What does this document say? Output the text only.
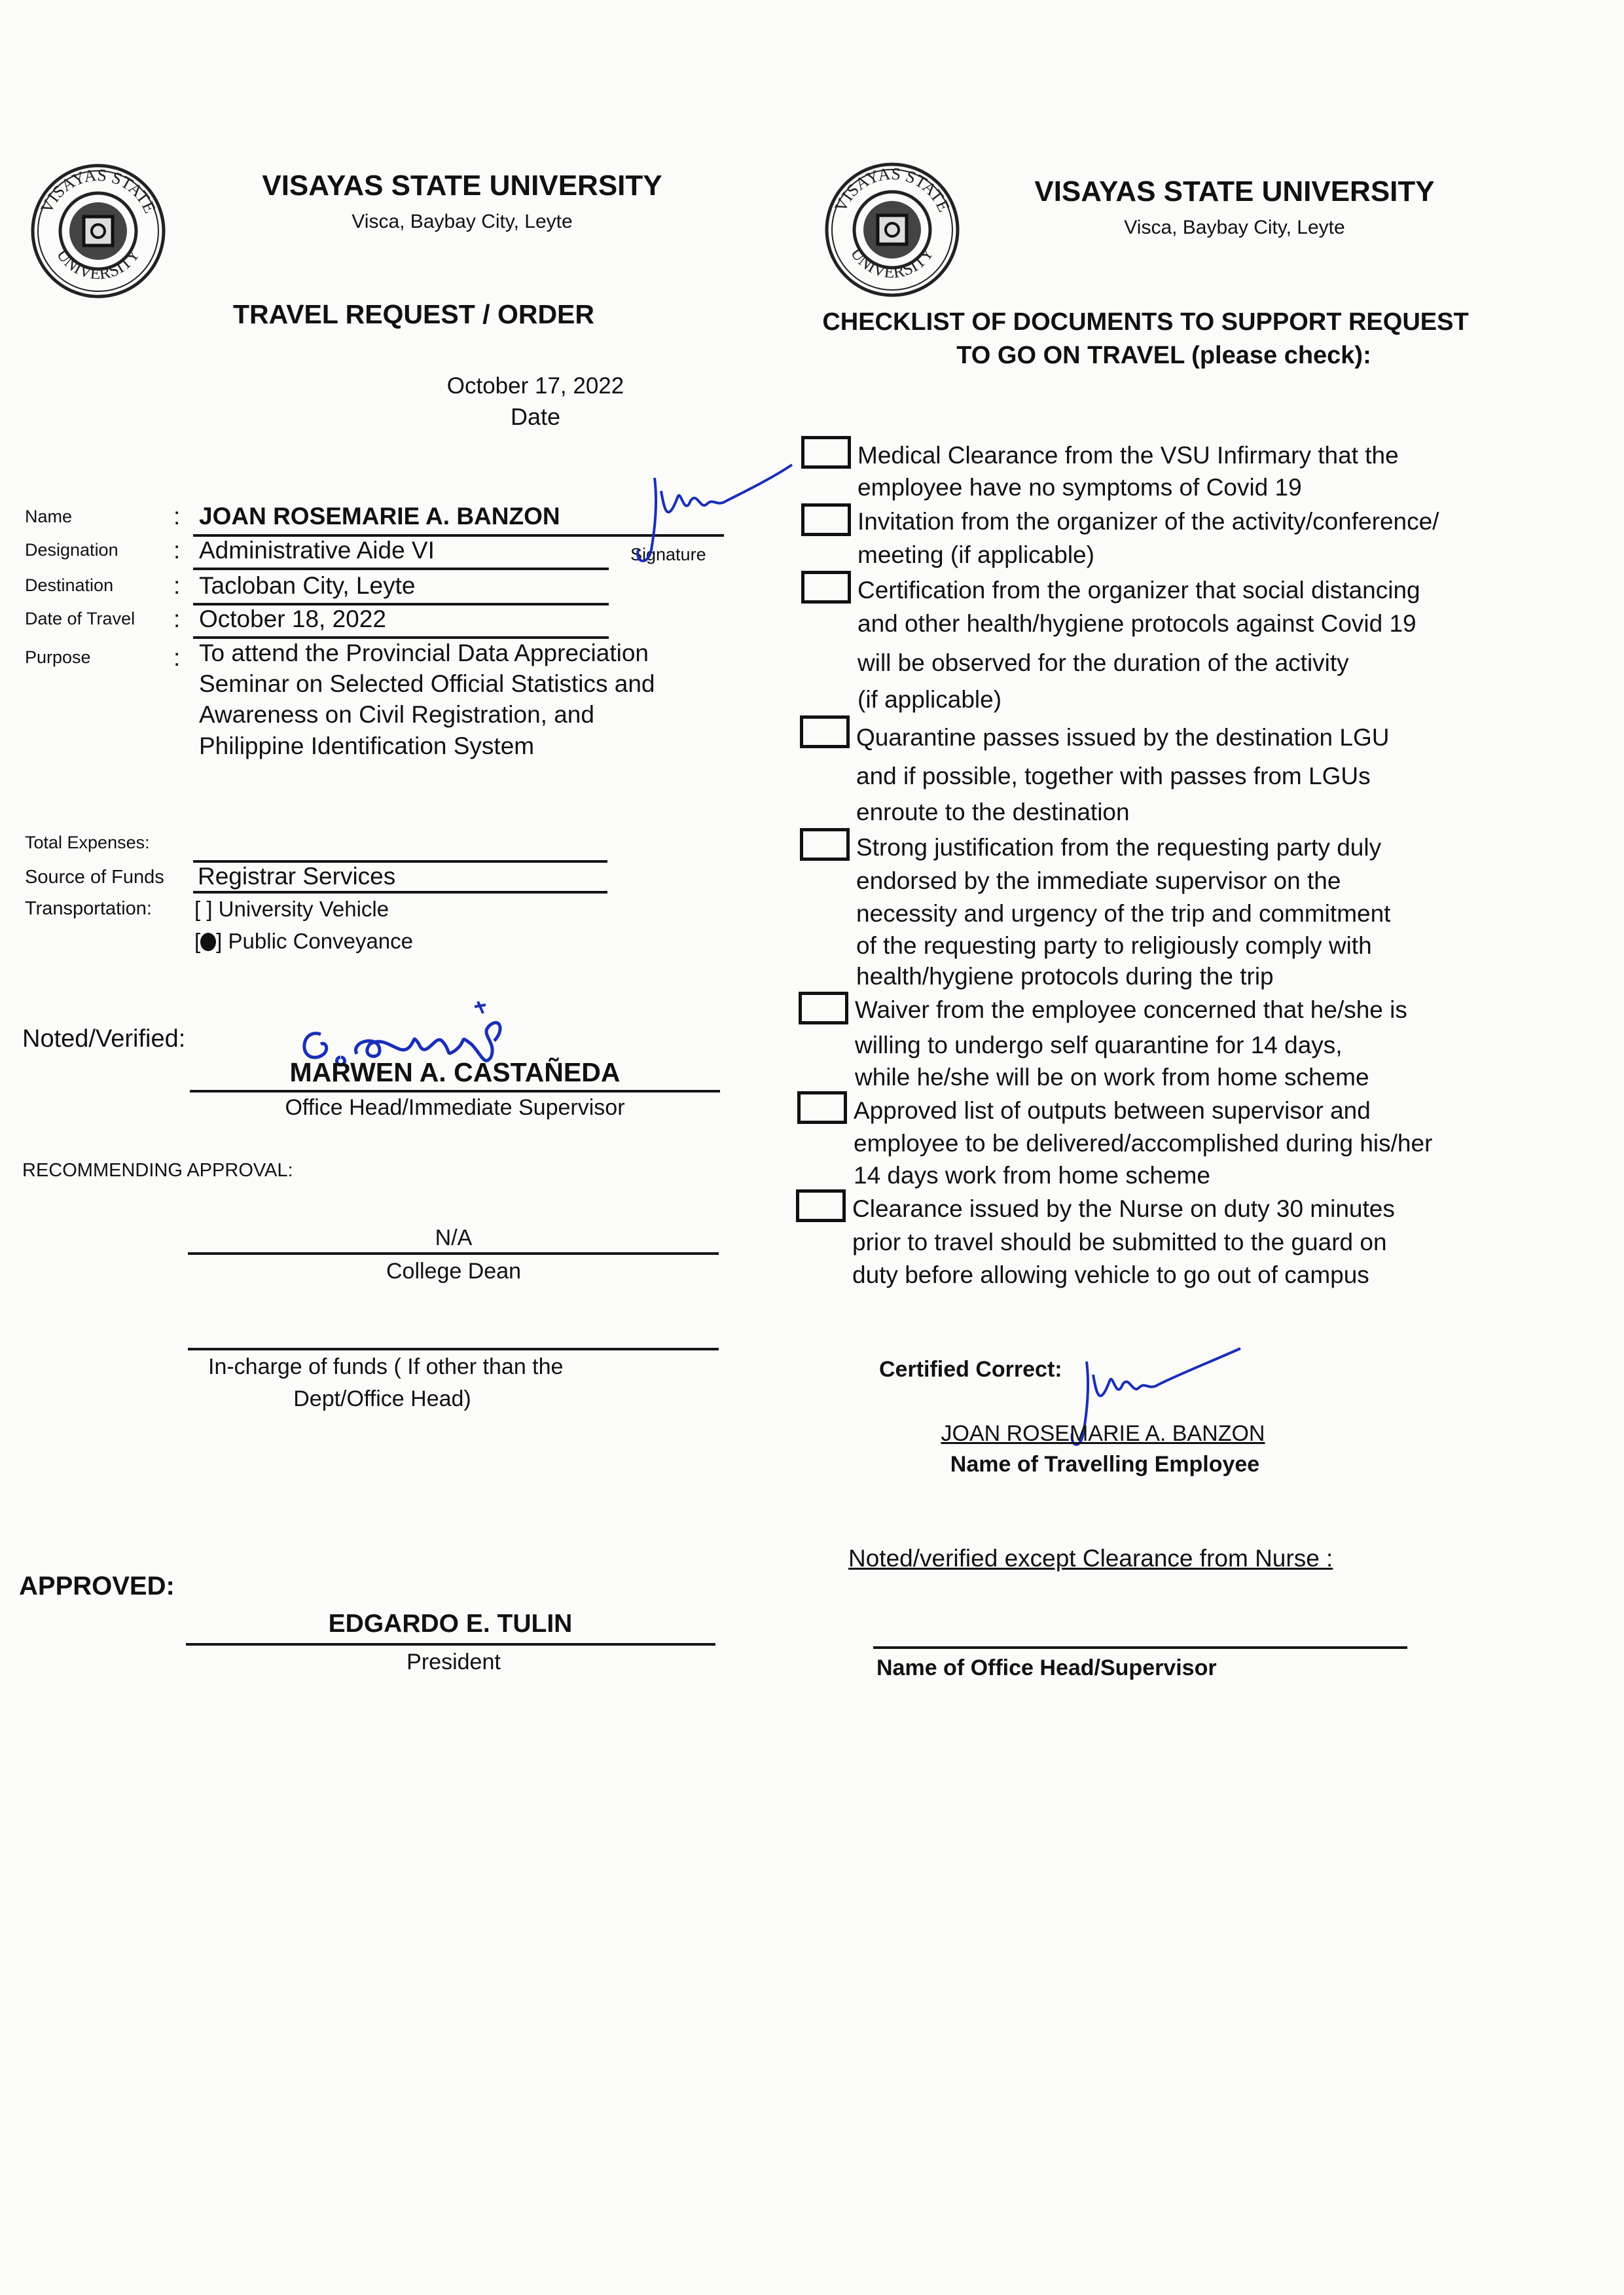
VISAYAS STATE
UNIVERSITY
VISAYAS STATE UNIVERSITY
Visca, Baybay City, Leyte
TRAVEL REQUEST / ORDER
October 17, 2022
Date
Name	: JOAN ROSEMARIE A. BANZON
Signature
Designation : Administrative Aide VI
Destination : Tacloban City, Leyte
Date of Travel : October 18, 2022
Purpose	: To attend the Provincial Data Appreciation
Seminar on Selected Official Statistics and
Awareness on Civil Registration, and
Philippine Identification System
Total Expenses:
Source of Funds Registrar Services
Transportation: [ ] University Vehicle
[ ] Public Conveyance
Noted/Verified:
MARWEN A. CASTAÑEDA
Office Head/Immediate Supervisor
RECOMMENDING APPROVAL:
N/A
College Dean
In-charge of funds ( If other than the
Dept/Office Head)
APPROVED:
EDGARDO E. TULIN
President
VISAYAS STATE
UNIVERSITY
VISAYAS STATE UNIVERSITY
Visca, Baybay City, Leyte
CHECKLIST OF DOCUMENTS TO SUPPORT REQUEST
TO GO ON TRAVEL (please check):
Medical Clearance from the VSU Infirmary that the
employee have no symptoms of Covid 19
Invitation from the organizer of the activity/conference/
meeting (if applicable)
Certification from the organizer that social distancing
and other health/hygiene protocols against Covid 19
will be observed for the duration of the activity
(if applicable)
Quarantine passes issued by the destination LGU
and if possible, together with passes from LGUs
enroute to the destination
Strong justification from the requesting party duly
endorsed by the immediate supervisor on the
necessity and urgency of the trip and commitment
of the requesting party to religiously comply with
health/hygiene protocols during the trip
Waiver from the employee concerned that he/she is
willing to undergo self quarantine for 14 days,
while he/she will be on work from home scheme
Approved list of outputs between supervisor and
employee to be delivered/accomplished during his/her
14 days work from home scheme
Clearance issued by the Nurse on duty 30 minutes
prior to travel should be submitted to the guard on
duty before allowing vehicle to go out of campus
Certified Correct:
JOAN ROSEMARIE A. BANZON
Name of Travelling Employee
Noted/verified except Clearance from Nurse :
Name of Office Head/Supervisor
